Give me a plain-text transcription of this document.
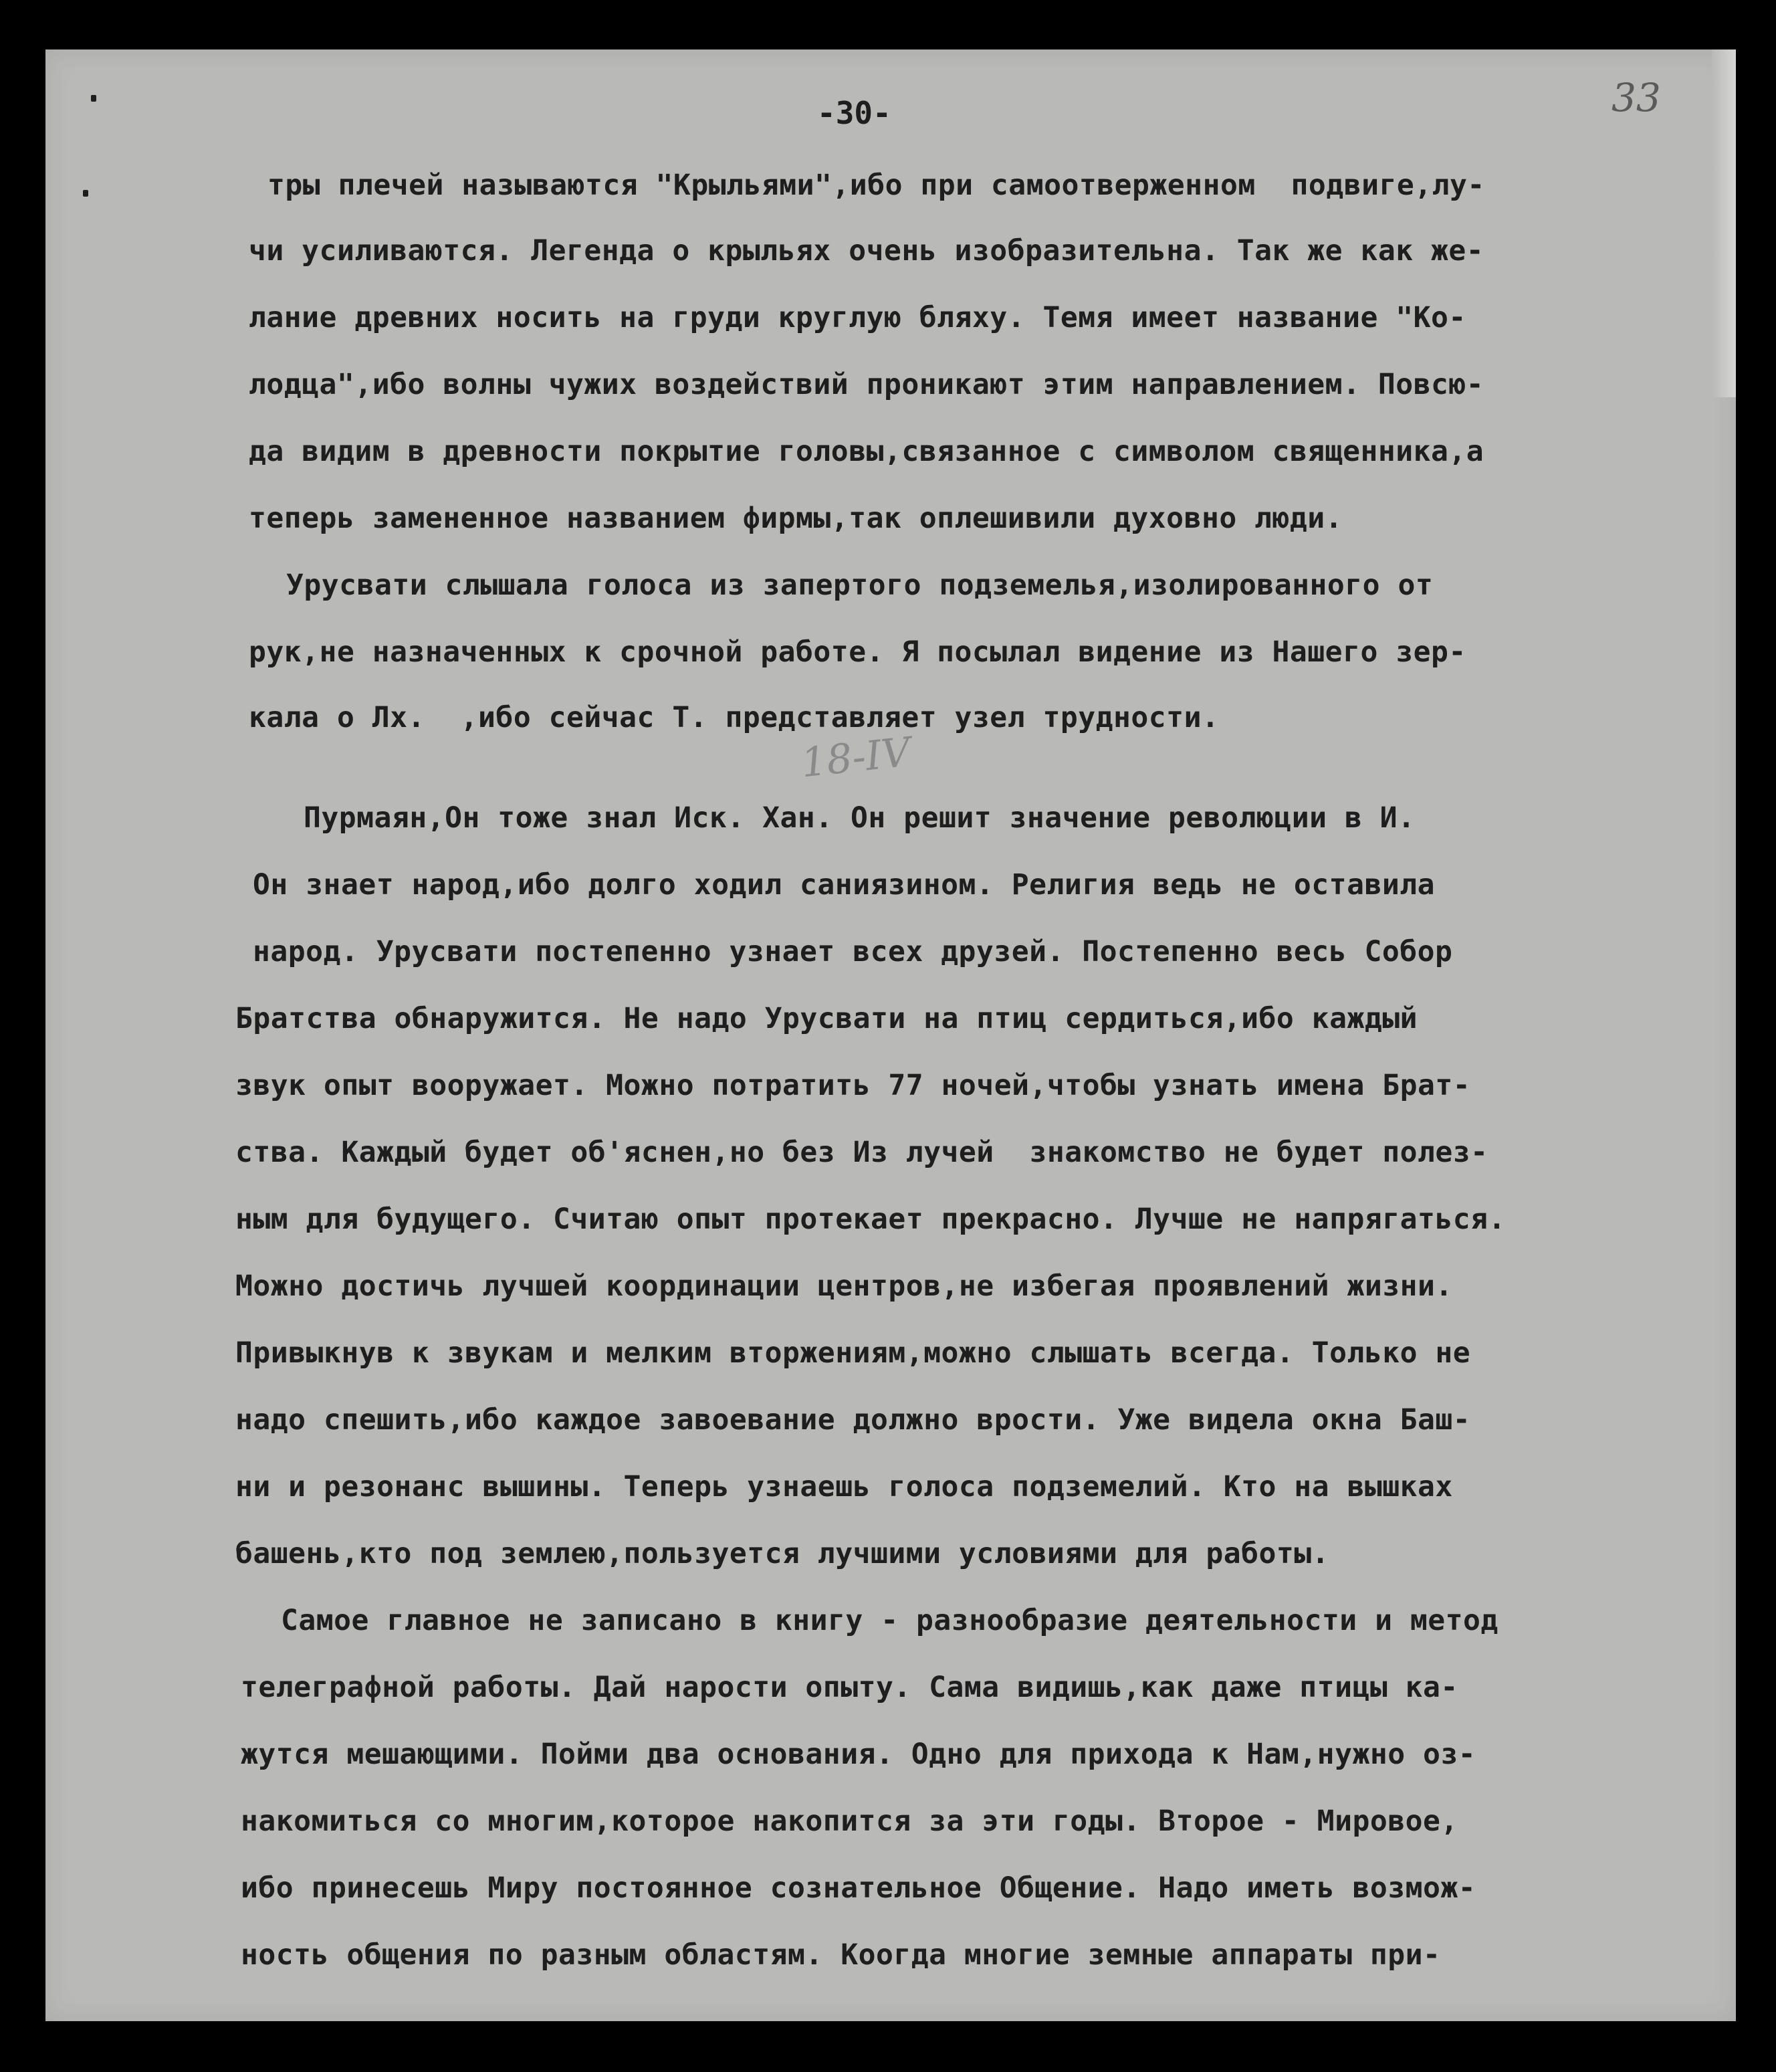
-30-	33
18-IV
тры плечей называются "Крыльями",ибо при самоотверженном  подвиге,лу-
чи усиливаются. Легенда о крыльях очень изобразительна. Так же как же-
лание древних носить на груди круглую бляху. Темя имеет название "Ко-
лодца",ибо волны чужих воздействий проникают этим направлением. Повсю-
да видим в древности покрытие головы,связанное с символом священника,а
теперь замененное названием фирмы,так оплешивили духовно люди.
Урусвати слышала голоса из запертого подземелья,изолированного от
рук,не назначенных к срочной работе. Я посылал видение из Нашего зер-
кала о Лх.  ,ибо сейчас Т. представляет узел трудности.
Пурмаян,Он тоже знал Иск. Хан. Он решит значение революции в И.
Он знает народ,ибо долго ходил саниязином. Религия ведь не оставила
народ. Урусвати постепенно узнает всех друзей. Постепенно весь Собор
Братства обнаружится. Не надо Урусвати на птиц сердиться,ибо каждый
звук опыт вооружает. Можно потратить 77 ночей,чтобы узнать имена Брат-
ства. Каждый будет об'яснен,но без Из лучей  знакомство не будет полез-
ным для будущего. Считаю опыт протекает прекрасно. Лучше не напрягаться.
Можно достичь лучшей координации центров,не избегая проявлений жизни.
Привыкнув к звукам и мелким вторжениям,можно слышать всегда. Только не
надо спешить,ибо каждое завоевание должно врости. Уже видела окна Баш-
ни и резонанс вышины. Теперь узнаешь голоса подземелий. Кто на вышках
башень,кто под землею,пользуется лучшими условиями для работы.
Самое главное не записано в книгу - разнообразие деятельности и метод
телеграфной работы. Дай нарости опыту. Сама видишь,как даже птицы ка-
жутся мешающими. Пойми два основания. Одно для прихода к Нам,нужно оз-
накомиться со многим,которое накопится за эти годы. Второе - Мировое,
ибо принесешь Миру постоянное сознательное Общение. Надо иметь возмож-
ность общения по разным областям. Коогда многие земные аппараты при-
